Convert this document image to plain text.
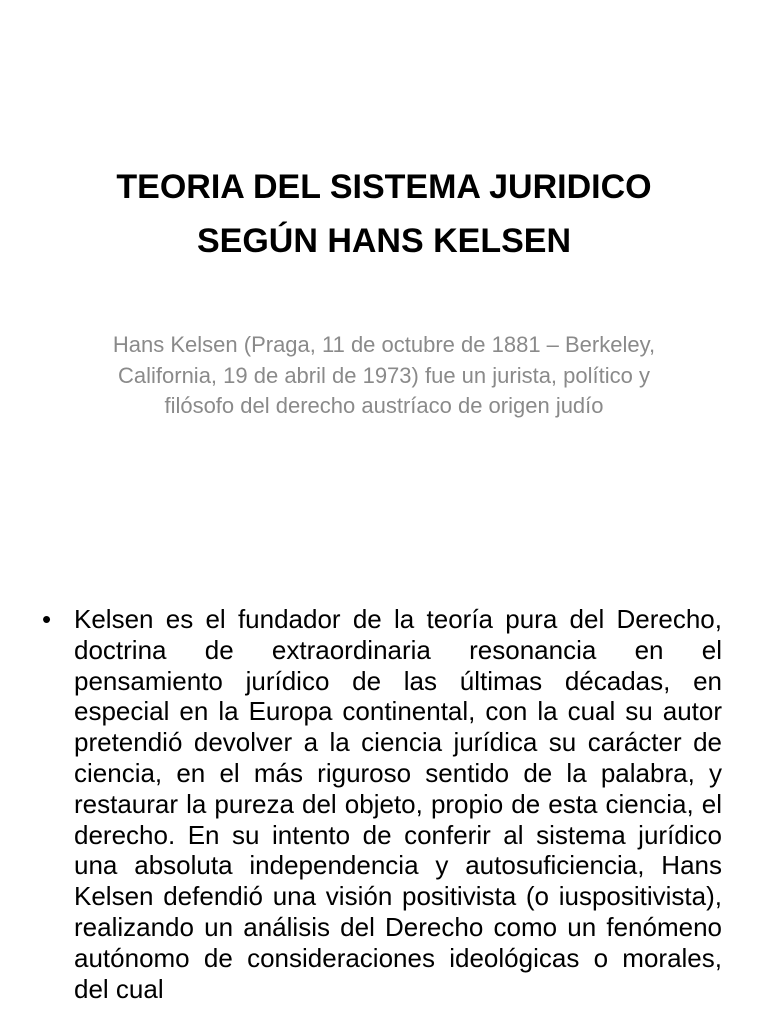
TEORIA DEL SISTEMA JURIDICO
SEGÚN HANS KELSEN

Hans Kelsen (Praga, 11 de octubre de 1881 – Berkeley, California, 19 de abril de 1973) fue un jurista, político y filósofo del derecho austríaco de origen judío

• Kelsen es el fundador de la teoría pura del Derecho, doctrina de extraordinaria resonancia en el pensamiento jurídico de las últimas décadas, en especial en la Europa continental, con la cual su autor pretendió devolver a la ciencia jurídica su carácter de ciencia, en el más riguroso sentido de la palabra, y restaurar la pureza del objeto, propio de esta ciencia, el derecho. En su intento de conferir al sistema jurídico una absoluta independencia y autosuficiencia, Hans Kelsen defendió una visión positivista (o iuspositivista), realizando un análisis del Derecho como un fenómeno autónomo de consideraciones ideológicas o morales, del cual
